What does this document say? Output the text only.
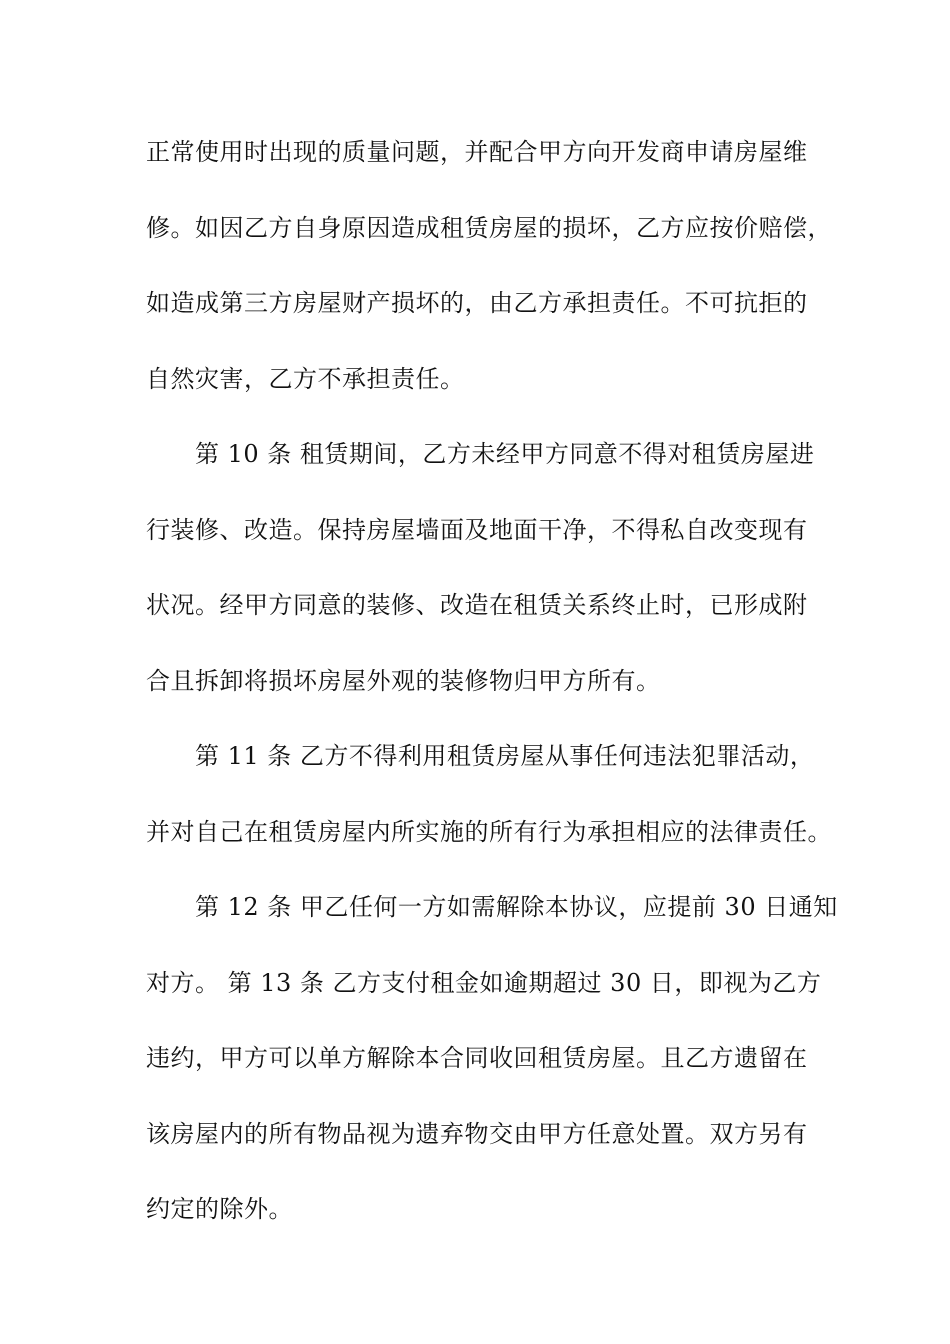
正常使用时出现的质量问题，并配合甲方向开发商申请房屋维
修。如因乙方自身原因造成租赁房屋的损坏，乙方应按价赔偿，
如造成第三方房屋财产损坏的，由乙方承担责任。不可抗拒的
自然灾害，乙方不承担责任。
　　第 10 条 租赁期间，乙方未经甲方同意不得对租赁房屋进
行装修、改造。保持房屋墙面及地面干净，不得私自改变现有
状况。经甲方同意的装修、改造在租赁关系终止时，已形成附
合且拆卸将损坏房屋外观的装修物归甲方所有。
　　第 11 条 乙方不得利用租赁房屋从事任何违法犯罪活动，
并对自己在租赁房屋内所实施的所有行为承担相应的法律责任。
　　第 12 条 甲乙任何一方如需解除本协议，应提前 30 日通知
对方。 第 13 条 乙方支付租金如逾期超过 30 日，即视为乙方
违约，甲方可以单方解除本合同收回租赁房屋。且乙方遗留在
该房屋内的所有物品视为遗弃物交由甲方任意处置。双方另有
约定的除外。
